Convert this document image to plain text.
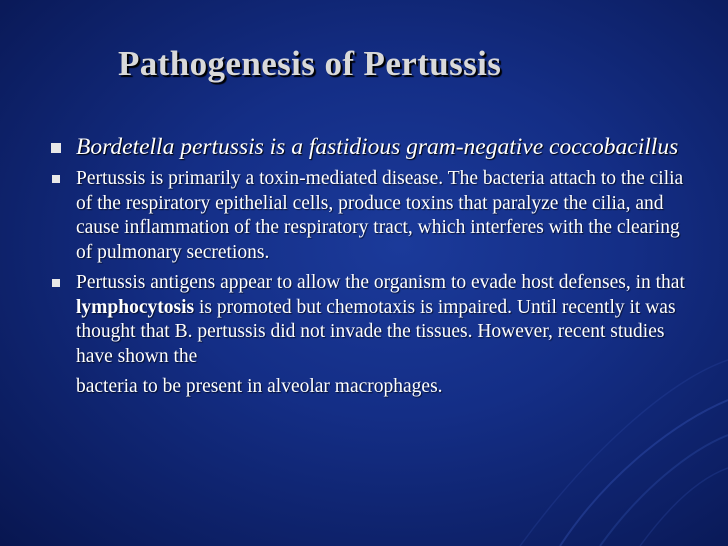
Pathogenesis of Pertussis
Bordetella pertussis is a fastidious gram-negative coccobacillus
Pertussis is primarily a toxin-mediated disease. The bacteria attach to the cilia of the respiratory epithelial cells, produce toxins that paralyze the cilia, and cause inflammation of the respiratory tract, which interferes with the clearing of pulmonary secretions.
Pertussis antigens appear to allow the organism to evade host defenses, in that lymphocytosis is promoted but chemotaxis is impaired. Until recently it was thought that B. pertussis did not invade the tissues. However, recent studies have shown the
bacteria to be present in alveolar macrophages.
